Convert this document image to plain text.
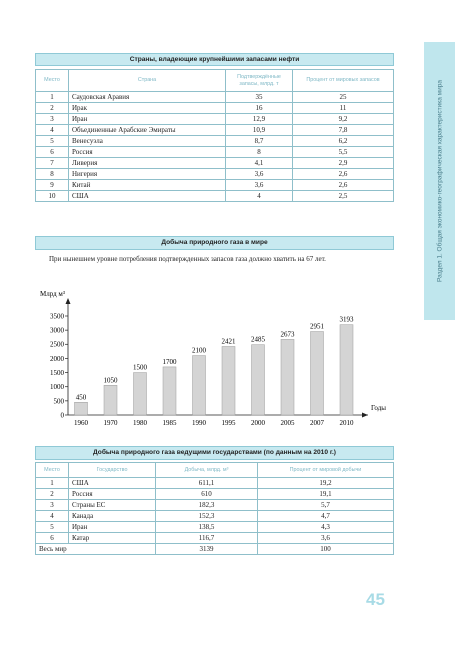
Раздел 1. Общая экономико-географическая характеристика мира
Страны, владеющие крупнейшими запасами нефти
Место	Страна	Подтверждённые запасы, млрд. т	Процент от мировых запасов
1	Саудовская Аравия	35	25
2	Ирак	16	11
3	Иран	12,9	9,2
4	Объединенные Арабские Эмираты	10,9	7,8
5	Венесуэла	8,7	6,2
6	Россия	8	5,5
7	Ливерия	4,1	2,9
8	Нигерия	3,6	2,6
9	Китай	3,6	2,6
10	США	4	2,5
Добыча природного газа в мире
При нынешнем уровне потребления подтвержденных запасов газа должно хватить на 67 лет.
Млрд м³
Годы
0
500
1000
1500
2000
2500
3000
3500
450
1960
1050
1970
1500
1980
1700
1985
2100
1990
2421
1995
2485
2000
2673
2005
2951
2007
3193
2010
Добыча природного газа ведущими государствами (по данным на 2010 г.)
Место	Государство	Добыча, млрд. м³	Процент от мировой добычи
1	США	611,1	19,2
2	Россия	610	19,1
3	Страны ЕС	182,3	5,7
4	Канада	152,3	4,7
5	Иран	138,5	4,3
6	Катар	116,7	3,6
Весь мир		3139	100
45
